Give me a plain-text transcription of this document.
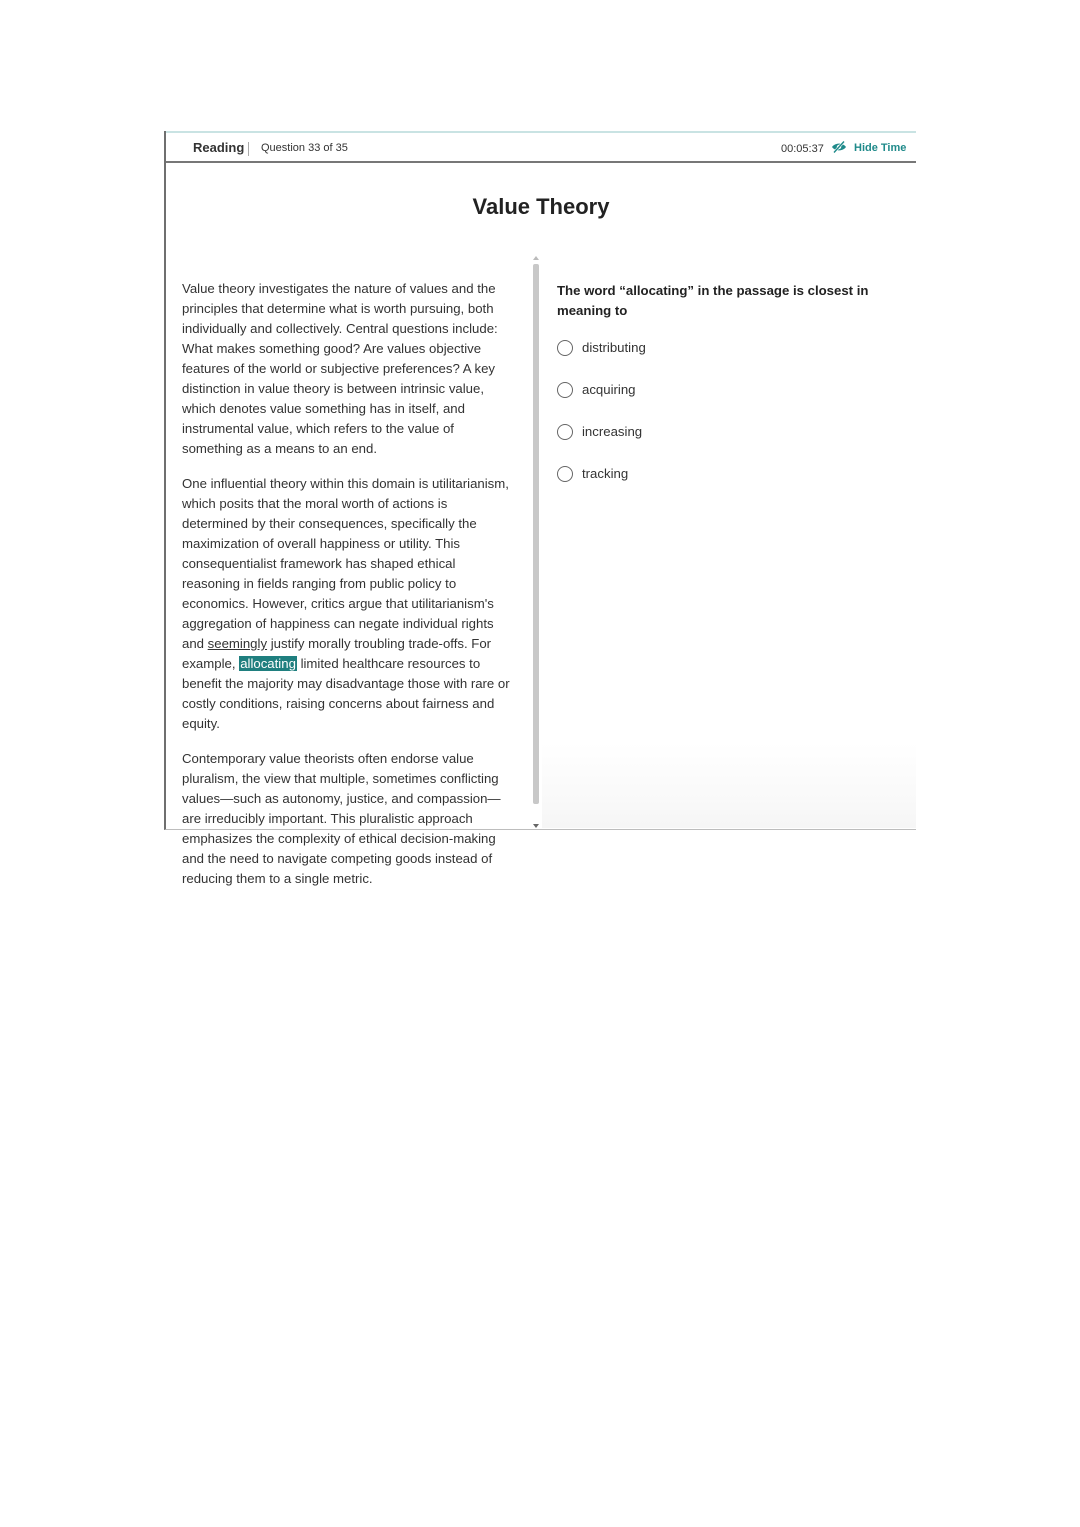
Reading Question 33 of 35	00:05:37	Hide Time
Value Theory

Value theory investigates the nature of values and the principles that determine what is worth pursuing, both individually and collectively. Central questions include: What makes something good? Are values objective features of the world or subjective preferences? A key distinction in value theory is between intrinsic value, which denotes value something has in itself, and instrumental value, which refers to the value of something as a means to an end.

One influential theory within this domain is utilitarianism, which posits that the moral worth of actions is determined by their consequences, specifically the maximization of overall happiness or utility. This consequentialist framework has shaped ethical reasoning in fields ranging from public policy to economics. However, critics argue that utilitarianism's aggregation of happiness can negate individual rights and seemingly justify morally troubling trade-offs. For example, allocating limited healthcare resources to benefit the majority may disadvantage those with rare or costly conditions, raising concerns about fairness and equity.

Contemporary value theorists often endorse value pluralism, the view that multiple, sometimes conflicting values—such as autonomy, justice, and compassion—are irreducibly important. This pluralistic approach emphasizes the complexity of ethical decision-making and the need to navigate competing goods instead of reducing them to a single metric.

The word “allocating” in the passage is closest in meaning to
distributing
acquiring
increasing
tracking
